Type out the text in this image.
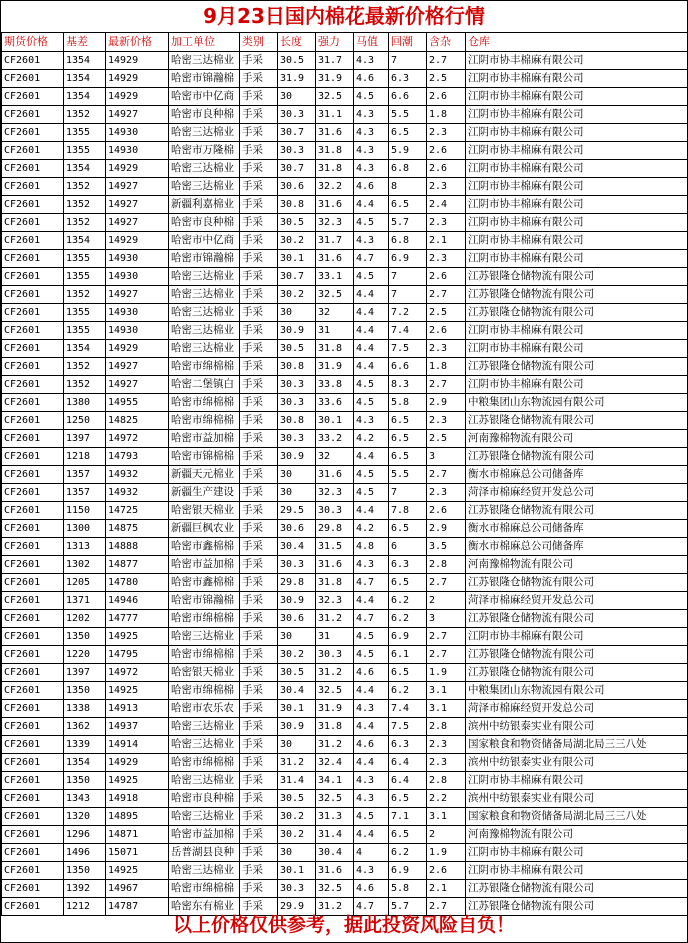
9月23日国内棉花最新价格行情
期货价格	基差	最新价格	加工单位	类别	长度	强力	马值	回潮	含杂	仓库
CF2601	1354	14929	哈密三达棉业	手采	30.5	31.7	4.3	7	2.7	江阴市协丰棉麻有限公司
CF2601	1354	14929	哈密市锦瀚棉	手采	31.9	31.9	4.6	6.3	2.5	江阴市协丰棉麻有限公司
CF2601	1354	14929	哈密市中亿商	手采	30	32.5	4.5	6.6	2.6	江阴市协丰棉麻有限公司
CF2601	1352	14927	哈密市良种棉	手采	30.3	31.1	4.3	5.5	1.8	江阴市协丰棉麻有限公司
CF2601	1355	14930	哈密三达棉业	手采	30.7	31.6	4.3	6.5	2.3	江阴市协丰棉麻有限公司
CF2601	1355	14930	哈密市万隆棉	手采	30.3	31.8	4.3	5.9	2.6	江阴市协丰棉麻有限公司
CF2601	1354	14929	哈密三达棉业	手采	30.7	31.8	4.3	6.8	2.6	江阴市协丰棉麻有限公司
CF2601	1352	14927	哈密三达棉业	手采	30.6	32.2	4.6	8	2.3	江阴市协丰棉麻有限公司
CF2601	1352	14927	新疆利嘉棉业	手采	30.8	31.6	4.4	6.5	2.4	江阴市协丰棉麻有限公司
CF2601	1352	14927	哈密市良种棉	手采	30.5	32.3	4.5	5.7	2.3	江阴市协丰棉麻有限公司
CF2601	1354	14929	哈密市中亿商	手采	30.2	31.7	4.3	6.8	2.1	江阴市协丰棉麻有限公司
CF2601	1355	14930	哈密市锦瀚棉	手采	30.1	31.6	4.7	6.9	2.3	江阴市协丰棉麻有限公司
CF2601	1355	14930	哈密三达棉业	手采	30.7	33.1	4.5	7	2.6	江苏银隆仓储物流有限公司
CF2601	1352	14927	哈密三达棉业	手采	30.2	32.5	4.4	7	2.7	江苏银隆仓储物流有限公司
CF2601	1355	14930	哈密三达棉业	手采	30	32	4.4	7.2	2.5	江苏银隆仓储物流有限公司
CF2601	1355	14930	哈密三达棉业	手采	30.9	31	4.4	7.4	2.6	江阴市协丰棉麻有限公司
CF2601	1354	14929	哈密三达棉业	手采	30.5	31.8	4.4	7.5	2.3	江阴市协丰棉麻有限公司
CF2601	1352	14927	哈密市绵棉棉	手采	30.8	31.9	4.4	6.6	1.8	江苏银隆仓储物流有限公司
CF2601	1352	14927	哈密二堡镇白	手采	30.3	33.8	4.5	8.3	2.7	江阴市协丰棉麻有限公司
CF2601	1380	14955	哈密市绵棉棉	手采	30.3	33.6	4.5	5.8	2.9	中粮集团山东物流园有限公司
CF2601	1250	14825	哈密市绵棉棉	手采	30.8	30.1	4.3	6.5	2.3	江苏银隆仓储物流有限公司
CF2601	1397	14972	哈密市益加棉	手采	30.3	33.2	4.2	6.5	2.5	河南豫棉物流有限公司
CF2601	1218	14793	哈密市锦棉棉	手采	30.9	32	4.4	6.5	3	江苏银隆仓储物流有限公司
CF2601	1357	14932	新疆天元棉业	手采	30	31.6	4.5	5.5	2.7	衡水市棉麻总公司储备库
CF2601	1357	14932	新疆生产建设	手采	30	32.3	4.5	7	2.3	菏泽市棉麻经贸开发总公司
CF2601	1150	14725	哈密银天棉业	手采	29.5	30.3	4.4	7.8	2.6	江苏银隆仓储物流有限公司
CF2601	1300	14875	新疆巨枫农业	手采	30.6	29.8	4.2	6.5	2.9	衡水市棉麻总公司储备库
CF2601	1313	14888	哈密市鑫棉棉	手采	30.4	31.5	4.8	6	3.5	衡水市棉麻总公司储备库
CF2601	1302	14877	哈密市益加棉	手采	30.3	31.6	4.3	6.3	2.8	河南豫棉物流有限公司
CF2601	1205	14780	哈密市鑫棉棉	手采	29.8	31.8	4.7	6.5	2.7	江苏银隆仓储物流有限公司
CF2601	1371	14946	哈密市锦瀚棉	手采	30.9	32.3	4.4	6.2	2	菏泽市棉麻经贸开发总公司
CF2601	1202	14777	哈密市绵棉棉	手采	30.6	31.2	4.7	6.2	3	江苏银隆仓储物流有限公司
CF2601	1350	14925	哈密三达棉业	手采	30	31	4.5	6.9	2.7	江阴市协丰棉麻有限公司
CF2601	1220	14795	哈密市绵棉棉	手采	30.2	30.3	4.5	6.1	2.7	江苏银隆仓储物流有限公司
CF2601	1397	14972	哈密银天棉业	手采	30.5	31.2	4.6	6.5	1.9	江苏银隆仓储物流有限公司
CF2601	1350	14925	哈密市绵棉棉	手采	30.4	32.5	4.4	6.2	3.1	中粮集团山东物流园有限公司
CF2601	1338	14913	哈密市农乐农	手采	30.1	31.9	4.3	7.4	3.1	菏泽市棉麻经贸开发总公司
CF2601	1362	14937	哈密三达棉业	手采	30.9	31.8	4.4	7.5	2.8	滨州中纺银泰实业有限公司
CF2601	1339	14914	哈密三达棉业	手采	30	31.2	4.6	6.3	2.3	国家粮食和物资储备局湖北局三三八处
CF2601	1354	14929	哈密市绵棉棉	手采	31.2	32.4	4.4	6.4	2.3	滨州中纺银泰实业有限公司
CF2601	1350	14925	哈密三达棉业	手采	31.4	34.1	4.3	6.4	2.8	江阴市协丰棉麻有限公司
CF2601	1343	14918	哈密市良种棉	手采	30.5	32.5	4.3	6.5	2.2	滨州中纺银泰实业有限公司
CF2601	1320	14895	哈密三达棉业	手采	30.2	31.3	4.5	7.1	3.1	国家粮食和物资储备局湖北局三三八处
CF2601	1296	14871	哈密市益加棉	手采	30.2	31.4	4.4	6.5	2	河南豫棉物流有限公司
CF2601	1496	15071	岳普湖县良种	手采	30	30.4	4	6.2	1.9	江阴市协丰棉麻有限公司
CF2601	1350	14925	哈密三达棉业	手采	30.1	31.6	4.3	6.9	2.6	江阴市协丰棉麻有限公司
CF2601	1392	14967	哈密市绵棉棉	手采	30.3	32.5	4.6	5.8	2.1	江苏银隆仓储物流有限公司
CF2601	1212	14787	哈密东有棉业	手采	29.9	31.2	4.7	5.7	2.7	江苏银隆仓储物流有限公司
以上价格仅供参考，据此投资风险自负！
